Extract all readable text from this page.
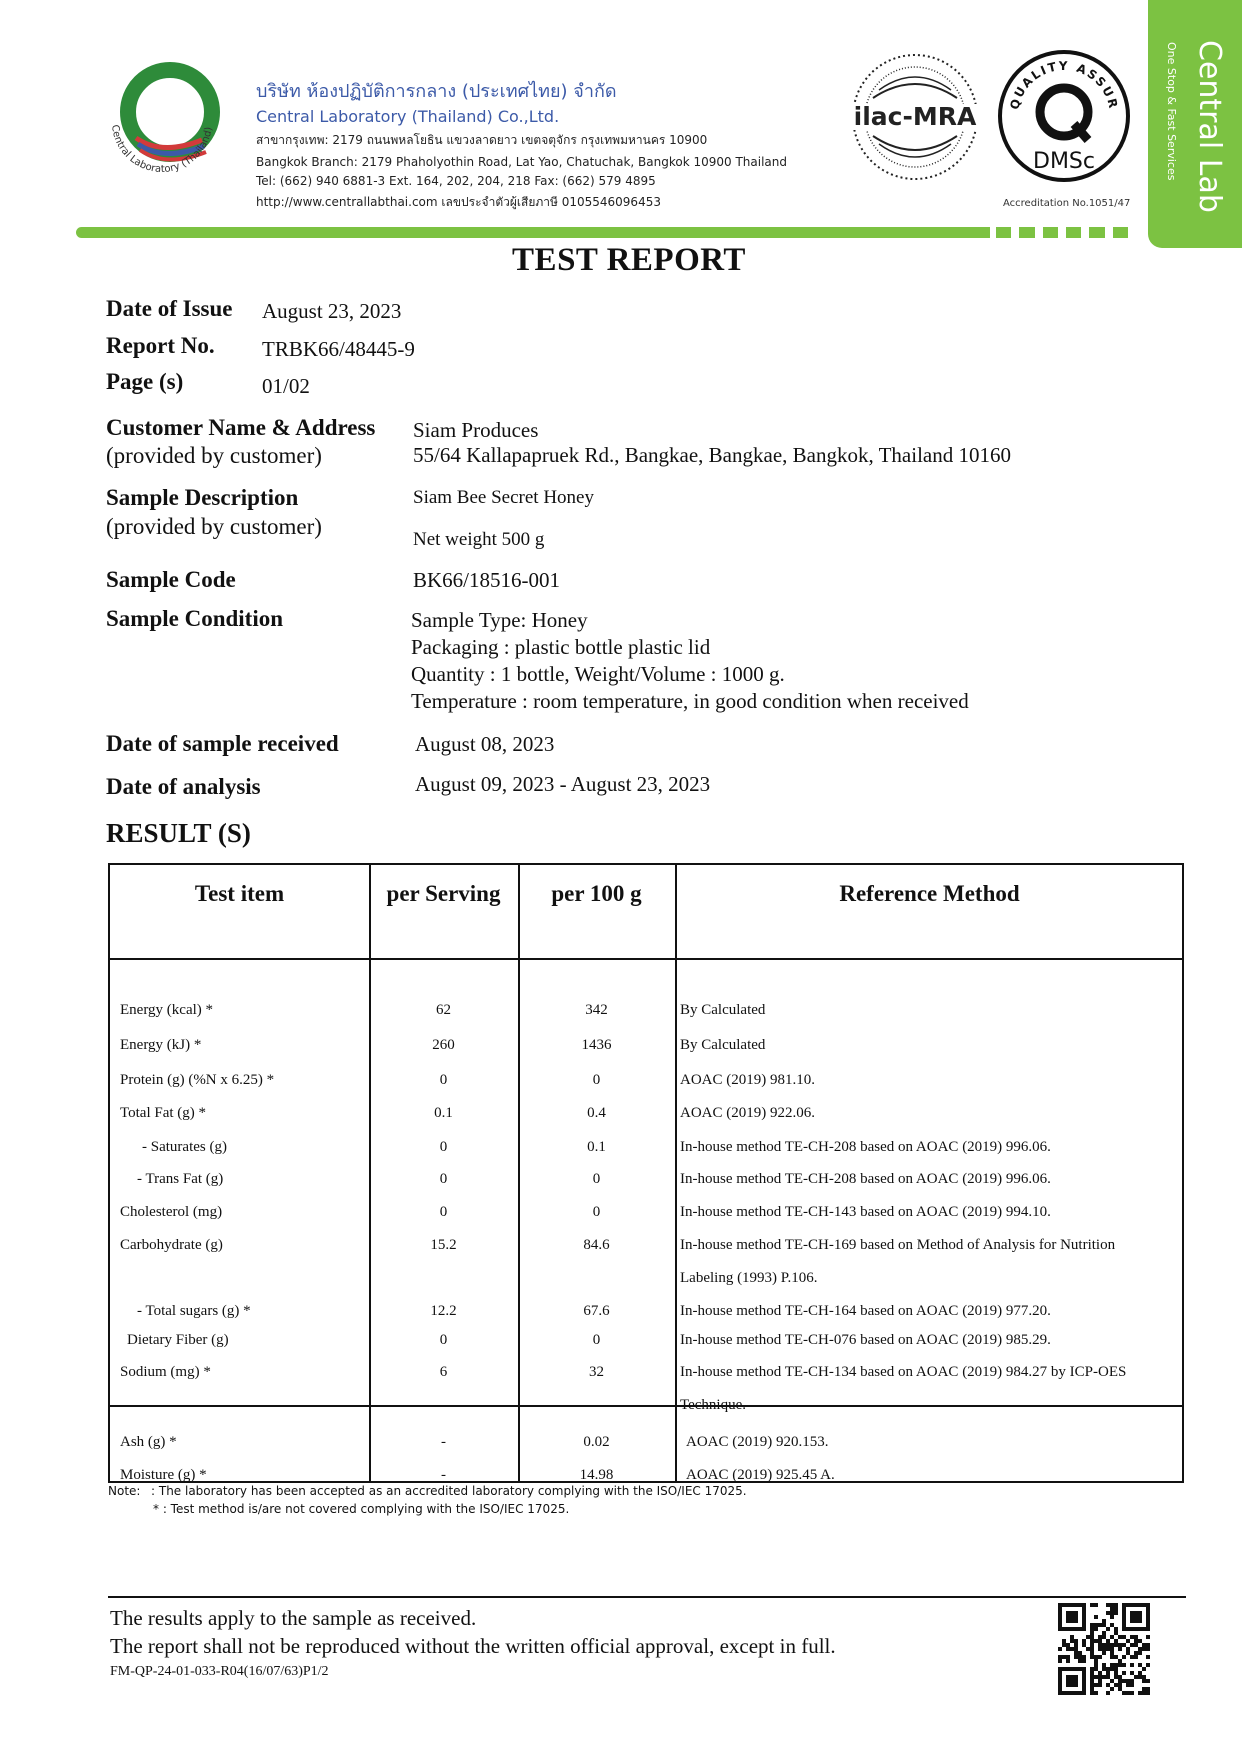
Central Laboratory (Thailand)
บริษัท ห้องปฏิบัติการกลาง (ประเทศไทย) จำกัด
Central Laboratory (Thailand) Co.,Ltd.
สาขากรุงเทพ: 2179 ถนนพหลโยธิน แขวงลาดยาว เขตจตุจักร กรุงเทพมหานคร 10900
Bangkok Branch: 2179 Phaholyothin Road, Lat Yao, Chatuchak, Bangkok 10900 Thailand
Tel: (662) 940 6881-3 Ext. 164, 202, 204, 218 Fax: (662) 579 4895
http://www.centrallabthai.com เลขประจำตัวผู้เสียภาษี 0105546096453
ilac-MRA	QUALITY ASSUR
DMSc
Accreditation No.1051/47 Central Lab
One Stop & Fast Services
TEST REPORT
Date of Issue August 23, 2023
Report No. TRBK66/48445-9
Page (s)	01/02
Customer Name & Address
(provided by customer)
Siam Produces
55/64 Kallapapruek Rd., Bangkae, Bangkae, Bangkok, Thailand 10160
Sample Description
(provided by customer)
Siam Bee Secret Honey
Net weight 500 g
Sample Code	BK66/18516-001
Sample Condition	Sample Type: Honey
Packaging : plastic bottle plastic lid
Quantity : 1 bottle, Weight/Volume : 1000 g.
Temperature : room temperature, in good condition when received
Date of sample received	August 08, 2023
Date of analysis	August 09, 2023 - August 23, 2023
RESULT (S)
Test item	per Serving	per 100 g	Reference Method
Energy (kcal) *	62	342	By Calculated
Energy (kJ) *	260	1436	By Calculated
Protein (g) (%N x 6.25) *	0	0	AOAC (2019) 981.10.
Total Fat (g) *	0.1	0.4	AOAC (2019) 922.06.
- Saturates (g)	0	0.1	In-house method TE-CH-208 based on AOAC (2019) 996.06.
- Trans Fat (g)	0	0	In-house method TE-CH-208 based on AOAC (2019) 996.06.
Cholesterol (mg)	0	0	In-house method TE-CH-143 based on AOAC (2019) 994.10.
Carbohydrate (g)	15.2	84.6	In-house method TE-CH-169 based on Method of Analysis for Nutrition
Labeling (1993) P.106.
- Total sugars (g) *	12.2	67.6	In-house method TE-CH-164 based on AOAC (2019) 977.20.
Dietary Fiber (g)	0	0	In-house method TE-CH-076 based on AOAC (2019) 985.29.
Sodium (mg) *	6	32	In-house method TE-CH-134 based on AOAC (2019) 984.27 by ICP-OES
Technique.
Ash (g) *	-	0.02	AOAC (2019) 920.153.
Moisture (g) *	-	14.98	AOAC (2019) 925.45 A.
Note: : The laboratory has been accepted as an accredited laboratory complying with the ISO/IEC 17025.
* : Test method is/are not covered complying with the ISO/IEC 17025.
The results apply to the sample as received.
The report shall not be reproduced without the written official approval, except in full.
FM-QP-24-01-033-R04(16/07/63)P1/2
